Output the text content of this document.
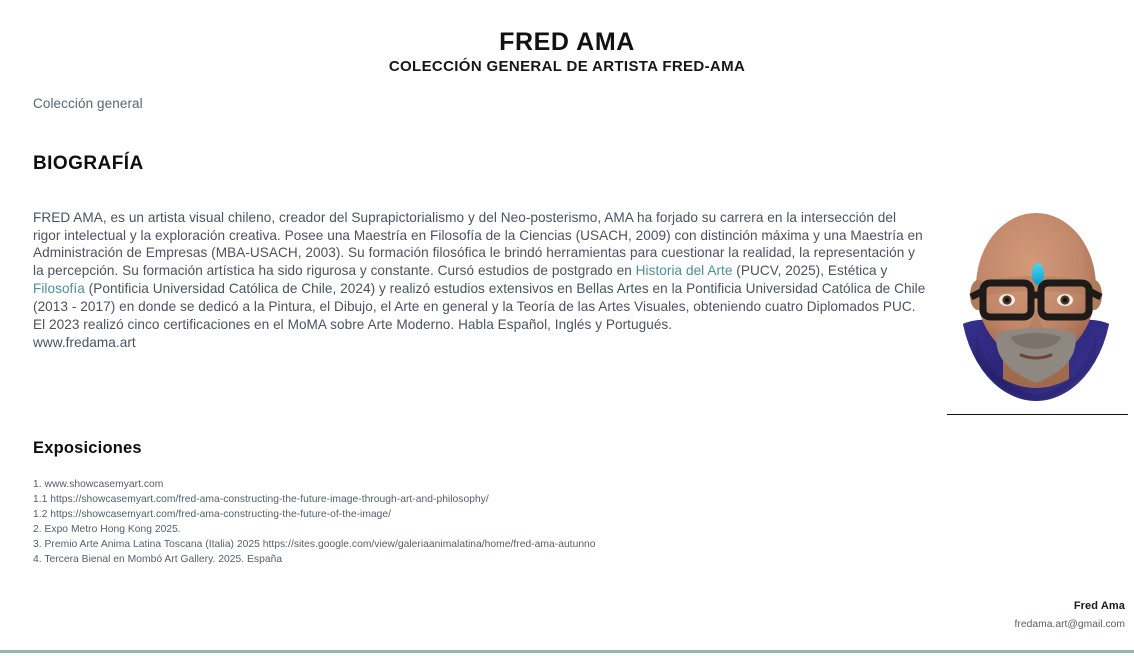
FRED AMA
COLECCIÓN GENERAL DE ARTISTA FRED-AMA
Colección general
BIOGRAFÍA

FRED AMA, es un artista visual chileno, creador del Suprapictorialismo y del Neo-posterismo, AMA ha forjado su carrera en la intersección del rigor intelectual y la exploración creativa. Posee una Maestría en Filosofía de la Ciencias (USACH, 2009) con distinción máxima y una Maestría en Administración de Empresas (MBA-USACH, 2003). Su formación filosófica le brindó herramientas para cuestionar la realidad, la representación y la percepción. Su formación artística ha sido rigurosa y constante. Cursó estudios de postgrado en Historia del Arte (PUCV, 2025), Estética y Filosofía (Pontificia Universidad Católica de Chile, 2024) y realizó estudios extensivos en Bellas Artes en la Pontificia Universidad Católica de Chile (2013 - 2017) en donde se dedicó a la Pintura, el Dibujo, el Arte en general y la Teoría de las Artes Visuales, obteniendo cuatro Diplomados PUC. El 2023 realizó cinco certificaciones en el MoMA sobre Arte Moderno. Habla Español, Inglés y Portugués.
www.fredama.art

Exposiciones
1. www.showcasemyart.com
1.1 https://showcasemyart.com/fred-ama-constructing-the-future-image-through-art-and-philosophy/
1.2 https://showcasemyart.com/fred-ama-constructing-the-future-of-the-image/
2. Expo Metro Hong Kong 2025.
3. Premio Arte Anima Latina Toscana (Italia) 2025 https://sites.google.com/view/galeriaanimalatina/home/fred-ama-autunno
4. Tercera Bienal en Mombó Art Gallery. 2025. España
Fred Ama
fredama.art@gmail.com
